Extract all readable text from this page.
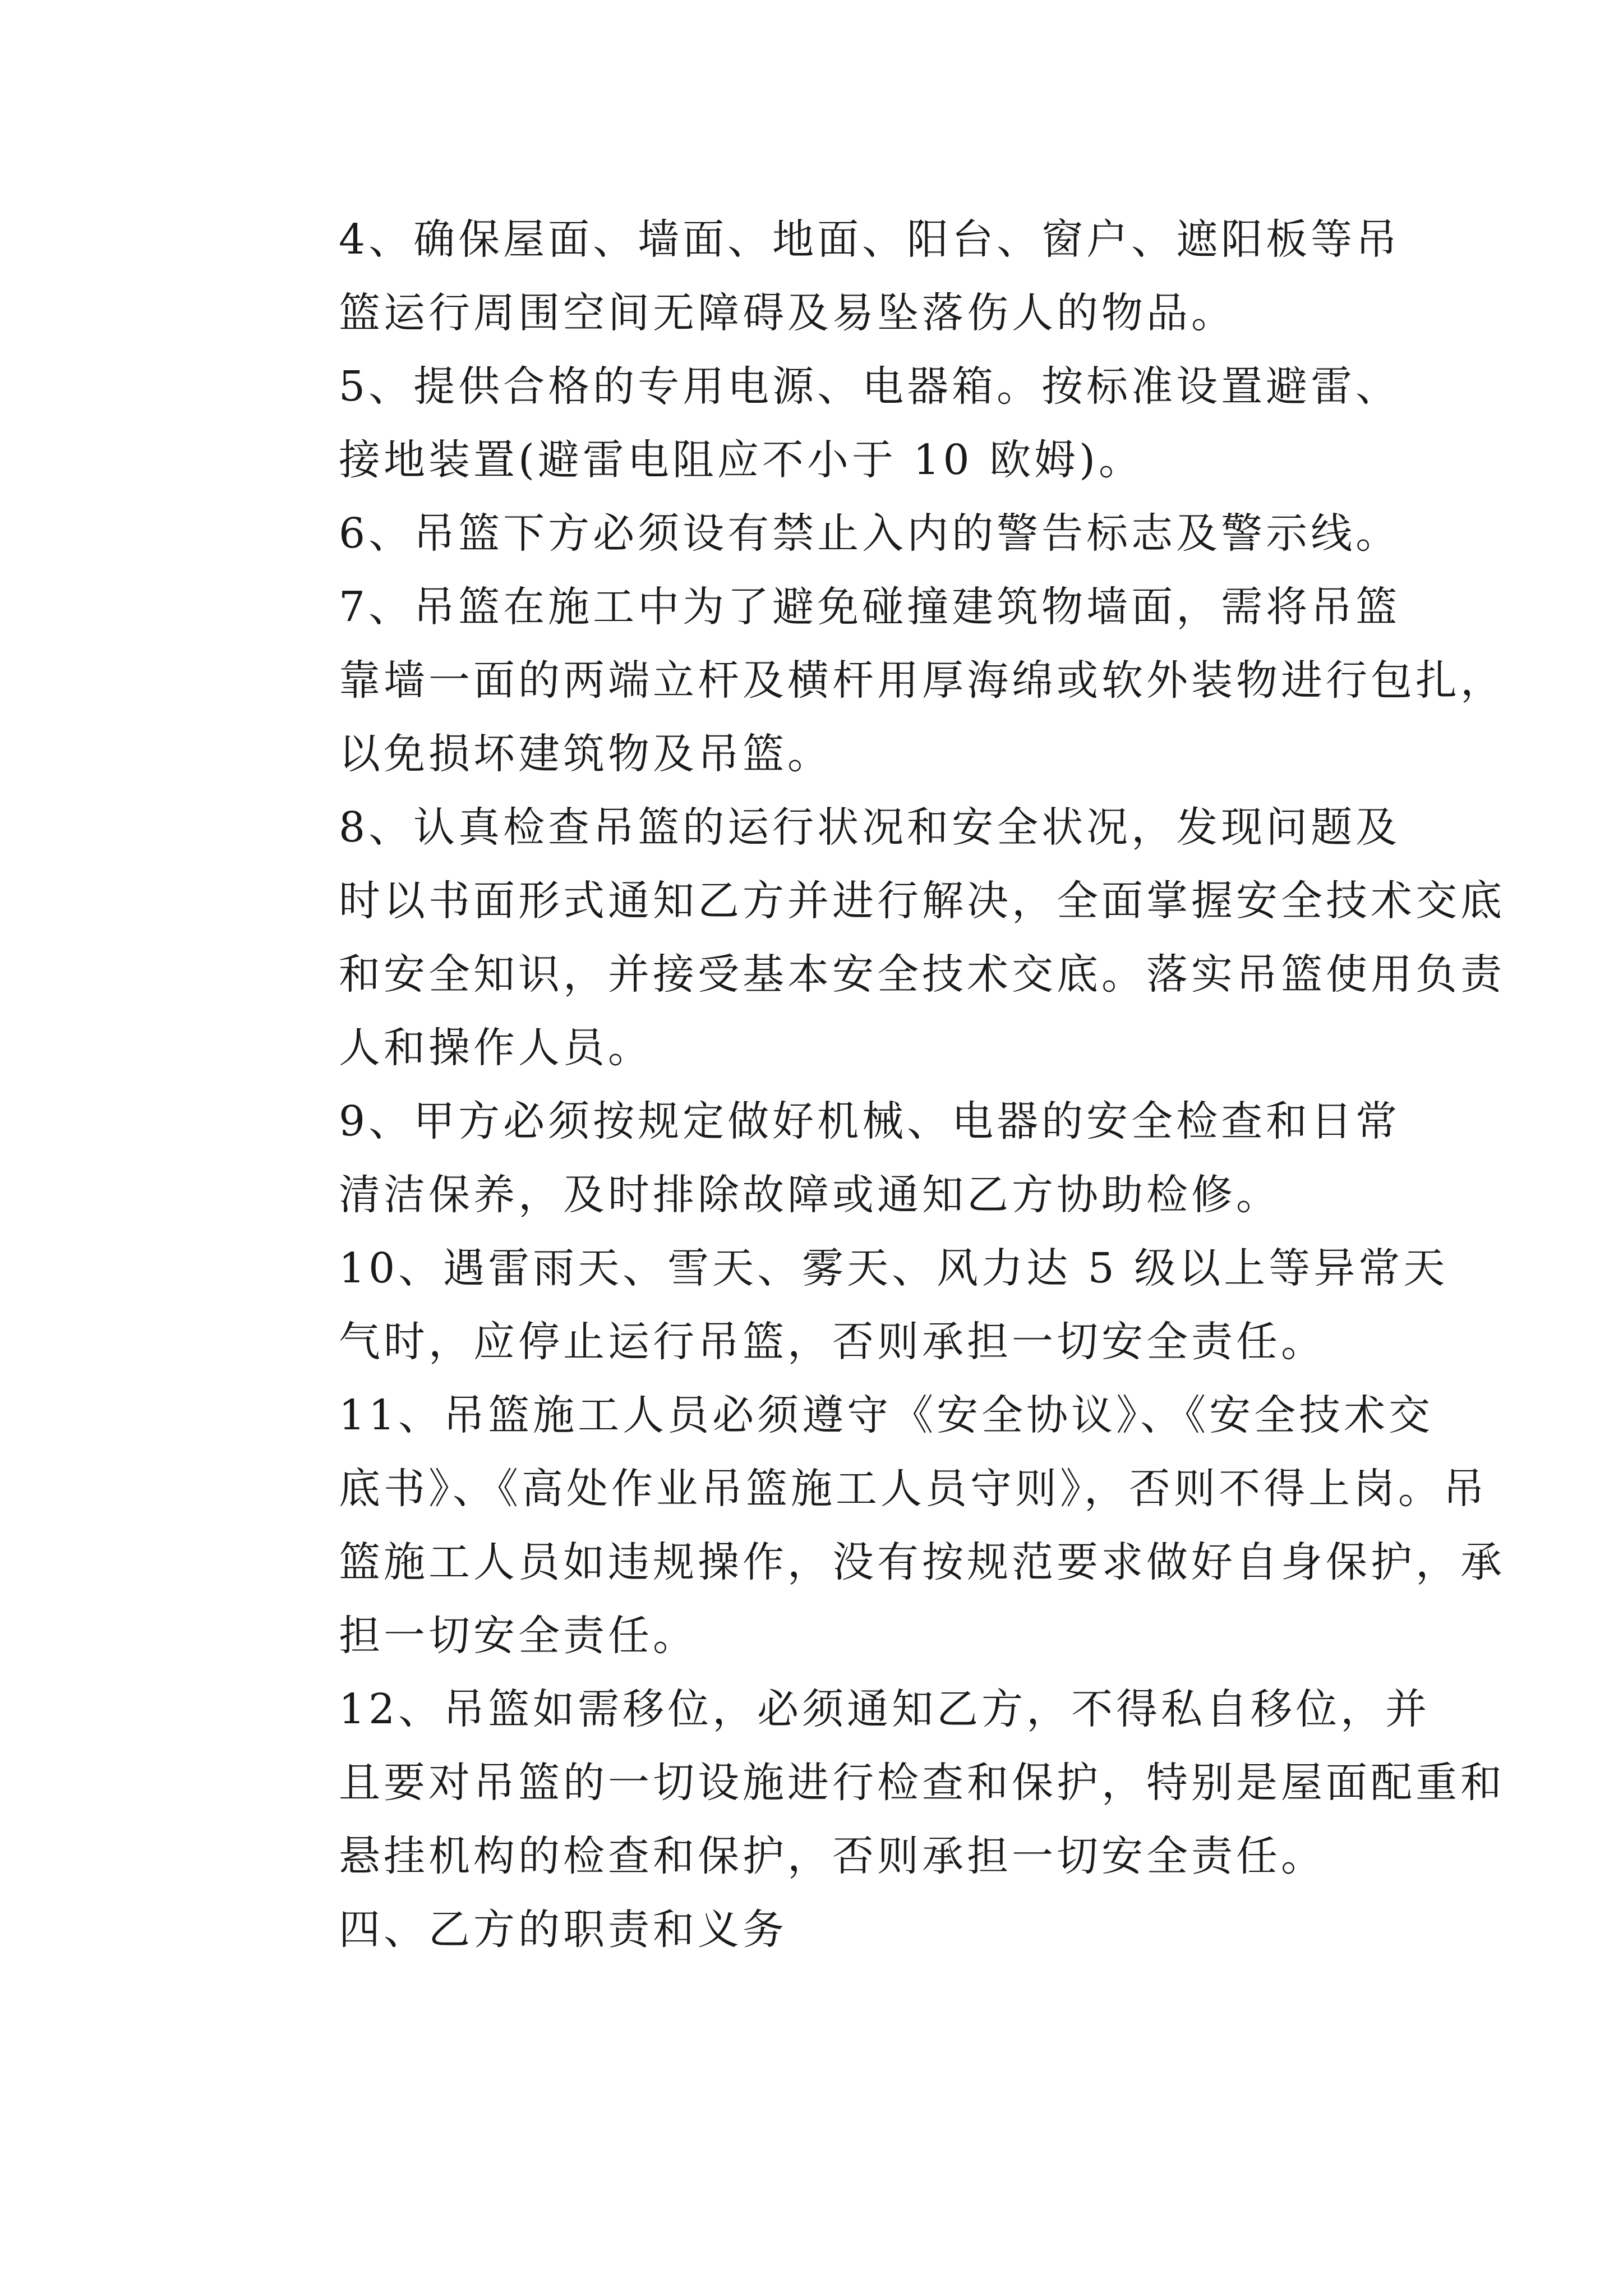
4、确保屋面、墙面、地面、阳台、窗户、遮阳板等吊
篮运行周围空间无障碍及易坠落伤人的物品。

5、提供合格的专用电源、电器箱。按标准设置避雷、
接地装置(避雷电阻应不小于 10 欧姆)。

6、吊篮下方必须设有禁止入内的警告标志及警示线。

7、吊篮在施工中为了避免碰撞建筑物墙面，需将吊篮
靠墙一面的两端立杆及横杆用厚海绵或软外装物进行包扎，
以免损坏建筑物及吊篮。

8、认真检查吊篮的运行状况和安全状况，发现问题及
时以书面形式通知乙方并进行解决，全面掌握安全技术交底
和安全知识，并接受基本安全技术交底。落实吊篮使用负责
人和操作人员。

9、甲方必须按规定做好机械、电器的安全检查和日常
清洁保养，及时排除故障或通知乙方协助检修。

10、遇雷雨天、雪天、雾天、风力达 5 级以上等异常天
气时，应停止运行吊篮，否则承担一切安全责任。

11、吊篮施工人员必须遵守《安全协议》、《安全技术交
底书》、《高处作业吊篮施工人员守则》，否则不得上岗。吊
篮施工人员如违规操作，没有按规范要求做好自身保护，承
担一切安全责任。

12、吊篮如需移位，必须通知乙方，不得私自移位，并
且要对吊篮的一切设施进行检查和保护，特别是屋面配重和
悬挂机构的检查和保护，否则承担一切安全责任。

四、乙方的职责和义务
